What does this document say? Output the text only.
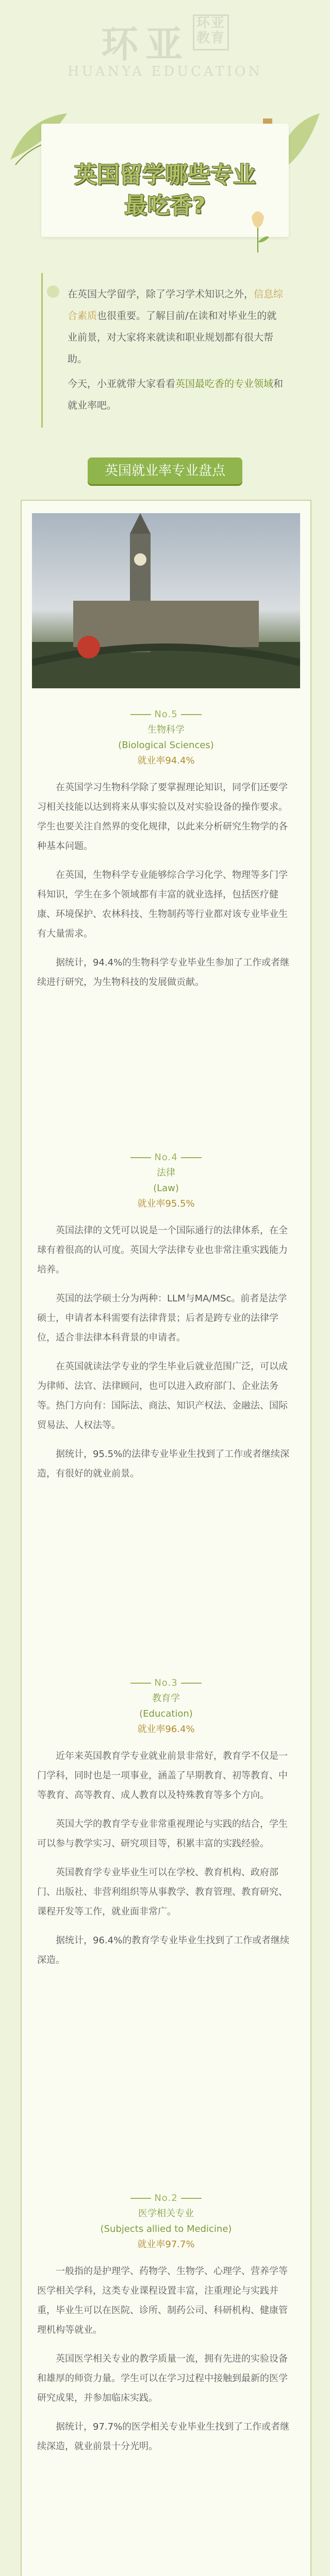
环亚 环亚教育
HUANYA EDUCATION
英国留学哪些专业
最吃香?

在英国大学留学，除了学习学术知识之外，信息综合素质也很重要。了解目前/在读和对毕业生的就业前景，对大家将来就读和职业规划都有很大帮助。

今天，小亚就带大家看看英国最吃香的专业领域和就业率吧。

英国就业率专业盘点
No.5
生物科学
(Biological Sciences)
就业率94.4%
在英国学习生物科学除了要掌握理论知识，同学们还要学习相关技能以达到将来从事实验以及对实验设备的操作要求。学生也要关注自然界的变化规律，以此来分析研究生物学的各种基本问题。
在英国，生物科学专业能够综合学习化学、物理等多门学科知识，学生在多个领域都有丰富的就业选择，包括医疗健康、环境保护、农林科技、生物制药等行业都对该专业毕业生有大量需求。
据统计，94.4%的生物科学专业毕业生参加了工作或者继续进行研究，为生物科技的发展做贡献。
No.4
法律
(Law)
就业率95.5%
英国法律的文凭可以说是一个国际通行的法律体系，在全球有着很高的认可度。英国大学法律专业也非常注重实践能力培养。
英国的法学硕士分为两种：LLM与MA/MSc。前者是法学硕士，申请者本科需要有法律背景；后者是跨专业的法律学位，适合非法律本科背景的申请者。
在英国就读法学专业的学生毕业后就业范围广泛，可以成为律师、法官、法律顾问，也可以进入政府部门、企业法务等。热门方向有：国际法、商法、知识产权法、金融法、国际贸易法、人权法等。
据统计，95.5%的法律专业毕业生找到了工作或者继续深造，有很好的就业前景。
No.3
教育学
(Education)
就业率96.4%
近年来英国教育学专业就业前景非常好，教育学不仅是一门学科，同时也是一项事业，涵盖了早期教育、初等教育、中等教育、高等教育、成人教育以及特殊教育等多个方向。
英国大学的教育学专业非常重视理论与实践的结合，学生可以参与教学实习、研究项目等，积累丰富的实践经验。
英国教育学专业毕业生可以在学校、教育机构、政府部门、出版社、非营利组织等从事教学、教育管理、教育研究、课程开发等工作，就业面非常广。
据统计，96.4%的教育学专业毕业生找到了工作或者继续深造。
No.2
医学相关专业
(Subjects allied to Medicine)
就业率97.7%
一般指的是护理学、药物学、生物学、心理学、营养学等医学相关学科，这类专业课程设置丰富，注重理论与实践并重，毕业生可以在医院、诊所、制药公司、科研机构、健康管理机构等就业。
英国医学相关专业的教学质量一流，拥有先进的实验设备和雄厚的师资力量。学生可以在学习过程中接触到最新的医学研究成果，并参加临床实践。
据统计，97.7%的医学相关专业毕业生找到了工作或者继续深造，就业前景十分光明。
